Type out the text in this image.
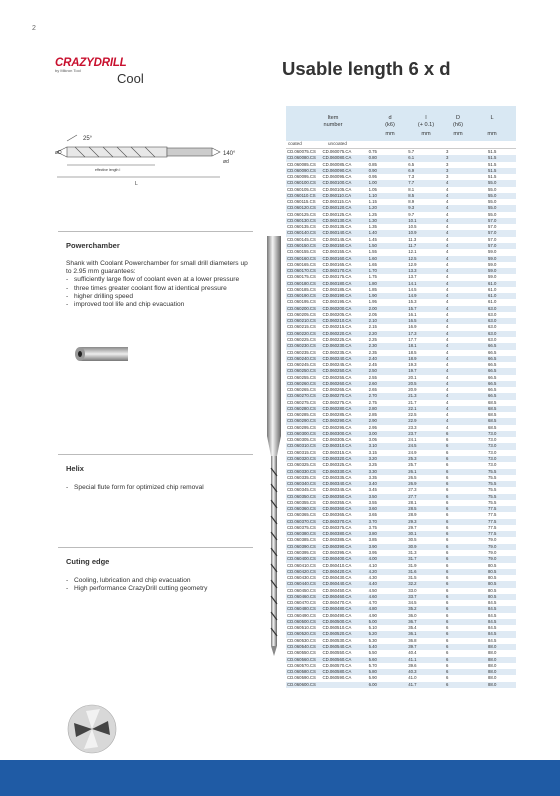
2
CRAZYDRILL
by Mikron Tool
Cool	Usable length 6 x d
25°
140°
øD
ød
L
effective length l
Powerchamber
Shank with Coolant Powerchamber for small drill diameters up to 2.95 mm guarantees:
- sufficiently large flow of coolant even at a lower pressure
- three times greater coolant flow at identical pressure
- higher drilling speed
- improved tool life and chip evacuation
Helix
- Special flute form for optimized chip removal
Cuting edge
- Cooling, lubrication and chip evacuation
- High performance CrazyDrill cutting geometry
Item
number
d
(k6)
l
(+ 0.1)
D
(h6)
L
mm	mm	mm	mm
coated	uncoated
CD.060075.CS	CD.060075.CA	0.75	5.7	3	51.5
CD.060080.CS	CD.060080.CA	0.80	6.1	3	51.5
CD.060085.CS	CD.060085.CA	0.85	6.5	3	51.5
CD.060090.CS	CD.060090.CA	0.90	6.9	3	51.5
CD.060095.CS	CD.060095.CA	0.95	7.3	3	51.5
CD.060100.CS	CD.060100.CA	1.00	7.7	4	55.0
CD.060105.CS	CD.060105.CA	1.05	8.1	4	55.0
CD.060110.CS	CD.060110.CA	1.10	8.5	4	55.0
CD.060115.CS	CD.060115.CA	1.15	8.9	4	55.0
CD.060120.CS	CD.060120.CA	1.20	9.3	4	55.0
CD.060125.CS	CD.060125.CA	1.25	9.7	4	55.0
CD.060130.CS	CD.060130.CA	1.30	10.1	4	57.0
CD.060135.CS	CD.060135.CA	1.35	10.5	4	57.0
CD.060140.CS	CD.060140.CA	1.40	10.9	4	57.0
CD.060145.CS	CD.060145.CA	1.45	11.3	4	57.0
CD.060150.CS	CD.060150.CA	1.50	11.7	4	57.0
CD.060155.CS	CD.060155.CA	1.55	12.1	4	59.0
CD.060160.CS	CD.060160.CA	1.60	12.5	4	59.0
CD.060165.CS	CD.060165.CA	1.65	12.9	4	59.0
CD.060170.CS	CD.060170.CA	1.70	13.3	4	59.0
CD.060175.CS	CD.060175.CA	1.75	13.7	4	59.0
CD.060180.CS	CD.060180.CA	1.80	14.1	4	61.0
CD.060185.CS	CD.060185.CA	1.85	14.5	4	61.0
CD.060190.CS	CD.060190.CA	1.90	14.9	4	61.0
CD.060195.CS	CD.060195.CA	1.95	15.3	4	61.0
CD.060200.CS	CD.060200.CA	2.00	15.7	4	63.0
CD.060205.CS	CD.060205.CA	2.05	16.1	4	63.0
CD.060210.CS	CD.060210.CA	2.10	16.5	4	63.0
CD.060215.CS	CD.060215.CA	2.15	16.9	4	63.0
CD.060220.CS	CD.060220.CA	2.20	17.3	4	63.0
CD.060225.CS	CD.060225.CA	2.25	17.7	4	63.0
CD.060230.CS	CD.060230.CA	2.30	18.1	4	66.5
CD.060235.CS	CD.060235.CA	2.35	18.5	4	66.5
CD.060240.CS	CD.060240.CA	2.40	18.9	4	66.5
CD.060245.CS	CD.060245.CA	2.45	19.3	4	66.5
CD.060250.CS	CD.060250.CA	2.50	19.7	4	66.5
CD.060255.CS	CD.060255.CA	2.55	20.1	4	66.5
CD.060260.CS	CD.060260.CA	2.60	20.5	4	66.5
CD.060265.CS	CD.060265.CA	2.65	20.9	4	66.5
CD.060270.CS	CD.060270.CA	2.70	21.3	4	66.5
CD.060275.CS	CD.060275.CA	2.75	21.7	4	68.5
CD.060280.CS	CD.060280.CA	2.80	22.1	4	68.5
CD.060285.CS	CD.060285.CA	2.85	22.5	4	68.5
CD.060290.CS	CD.060290.CA	2.90	22.9	4	68.5
CD.060295.CS	CD.060295.CA	2.95	23.3	4	68.5
CD.060300.CS	CD.060300.CA	3.00	23.7	6	73.0
CD.060305.CS	CD.060305.CA	3.05	24.1	6	73.0
CD.060310.CS	CD.060310.CA	3.10	24.5	6	73.0
CD.060315.CS	CD.060315.CA	3.15	24.9	6	73.0
CD.060320.CS	CD.060320.CA	3.20	25.3	6	73.0
CD.060325.CS	CD.060325.CA	3.25	25.7	6	73.0
CD.060330.CS	CD.060330.CA	3.30	26.1	6	75.5
CD.060335.CS	CD.060335.CA	3.35	26.5	6	75.5
CD.060340.CS	CD.060340.CA	3.40	26.9	6	75.5
CD.060345.CS	CD.060345.CA	3.45	27.3	6	75.5
CD.060350.CS	CD.060350.CA	3.50	27.7	6	75.5
CD.060355.CS	CD.060355.CA	3.55	28.1	6	75.5
CD.060360.CS	CD.060360.CA	3.60	28.5	6	77.5
CD.060365.CS	CD.060365.CA	3.65	28.9	6	77.5
CD.060370.CS	CD.060370.CA	3.70	29.3	6	77.5
CD.060375.CS	CD.060375.CA	3.75	29.7	6	77.5
CD.060380.CS	CD.060380.CA	3.80	30.1	6	77.5
CD.060385.CS	CD.060385.CA	3.85	30.5	6	79.0
CD.060390.CS	CD.060390.CA	3.90	30.9	6	79.0
CD.060395.CS	CD.060395.CA	3.95	31.3	6	79.0
CD.060400.CS	CD.060400.CA	4.00	31.7	6	79.0
CD.060410.CS	CD.060410.CA	4.10	31.9	6	80.5
CD.060420.CS	CD.060420.CA	4.20	31.6	6	80.5
CD.060430.CS	CD.060430.CA	4.30	31.5	6	80.5
CD.060440.CS	CD.060440.CA	4.40	32.2	6	80.5
CD.060450.CS	CD.060450.CA	4.50	33.0	6	80.5
CD.060460.CS	CD.060460.CA	4.60	33.7	6	80.5
CD.060470.CS	CD.060470.CA	4.70	34.5	6	84.5
CD.060480.CS	CD.060480.CA	4.80	35.2	6	84.5
CD.060490.CS	CD.060490.CA	4.90	36.0	6	84.5
CD.060500.CS	CD.060500.CA	5.00	36.7	6	84.5
CD.060510.CS	CD.060510.CA	5.10	35.4	6	84.5
CD.060520.CS	CD.060520.CA	5.20	36.1	6	84.5
CD.060530.CS	CD.060530.CA	5.30	36.8	6	84.5
CD.060540.CS	CD.060540.CA	5.40	39.7	6	88.0
CD.060550.CS	CD.060550.CA	5.50	40.4	6	88.0
CD.060560.CS	CD.060560.CA	5.60	41.1	6	88.0
CD.060570.CS	CD.060570.CA	5.70	39.6	6	88.0
CD.060580.CS	CD.060580.CA	5.80	40.3	6	88.0
CD.060590.CS	CD.060590.CA	5.90	41.0	6	88.0
CD.060600.CS	6.00	41.7	6	88.0
